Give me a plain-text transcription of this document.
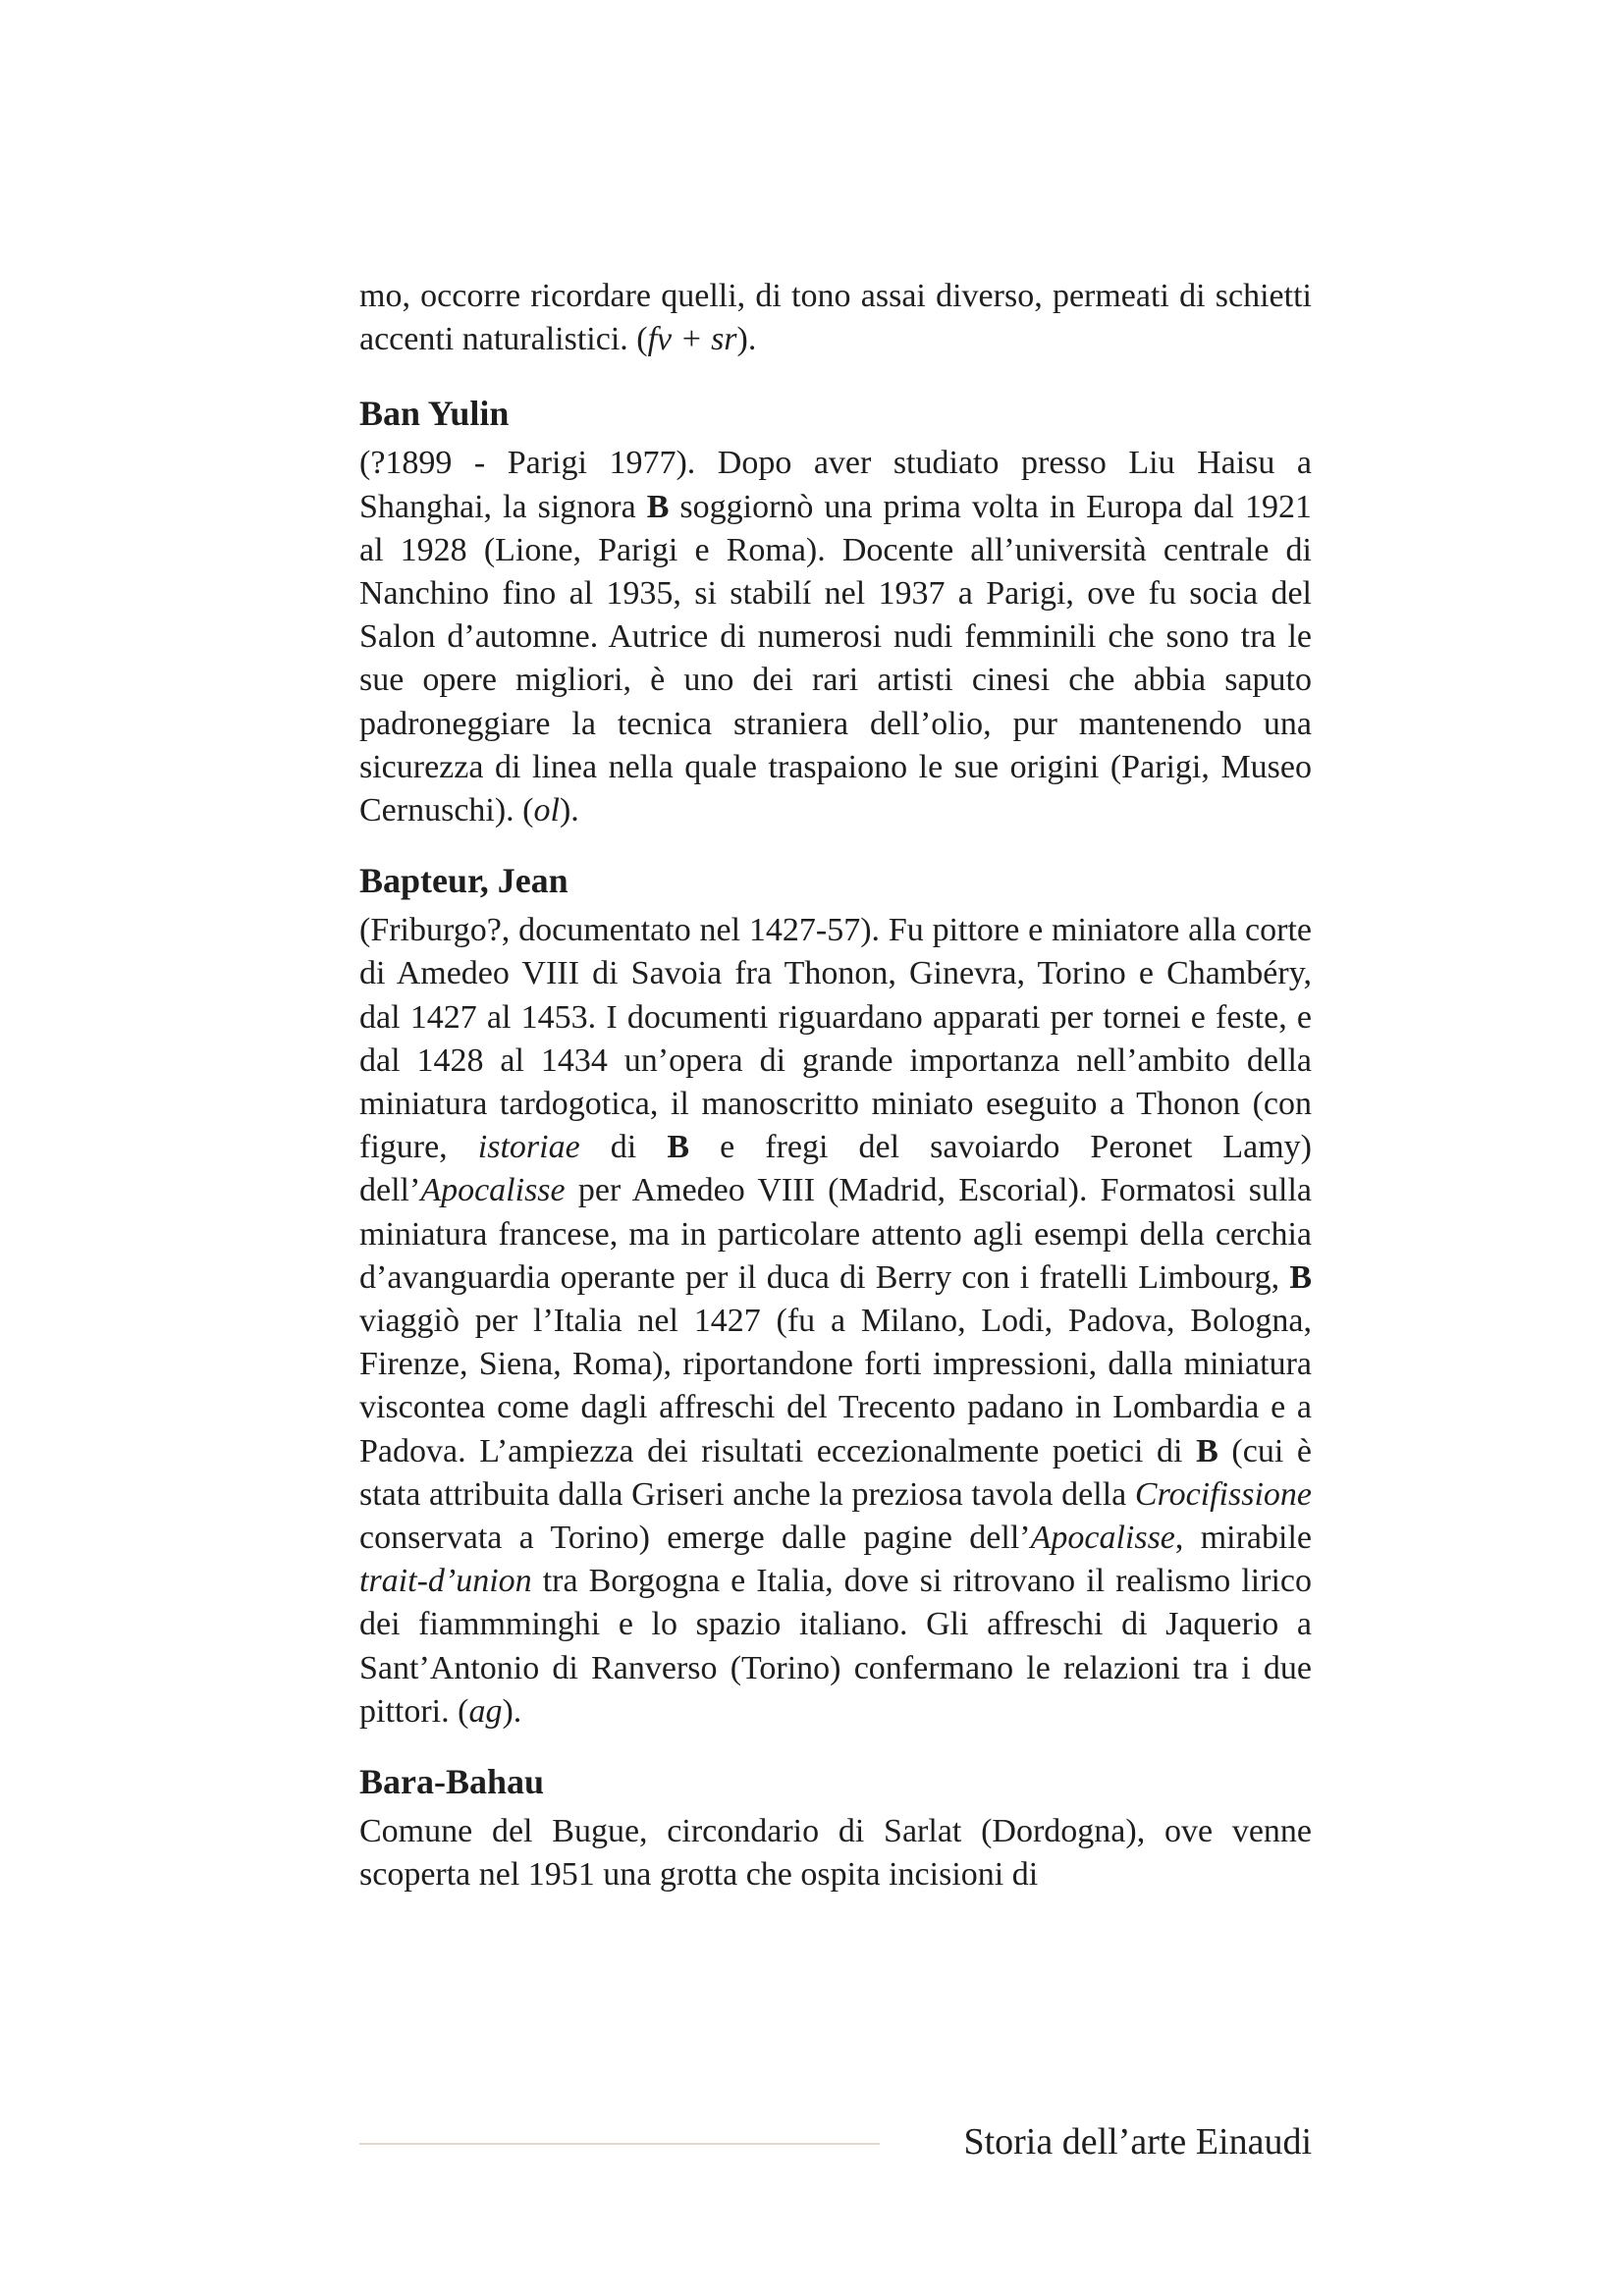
mo, occorre ricordare quelli, di tono assai diverso, permeati di schietti accenti naturalistici. (fv + sr).

Ban Yulin

(?1899 - Parigi 1977). Dopo aver studiato presso Liu Haisu a Shanghai, la signora B soggiornò una prima volta in Europa dal 1921 al 1928 (Lione, Parigi e Roma). Docente all’università centrale di Nanchino fino al 1935, si stabilí nel 1937 a Parigi, ove fu socia del Salon d’automne. Autrice di numerosi nudi femminili che sono tra le sue opere migliori, è uno dei rari artisti cinesi che abbia saputo padroneggiare la tecnica straniera dell’olio, pur mantenendo una sicurezza di linea nella quale traspaiono le sue origini (Parigi, Museo Cernuschi). (ol).

Bapteur, Jean

(Friburgo?, documentato nel 1427-57). Fu pittore e miniatore alla corte di Amedeo VIII di Savoia fra Thonon, Ginevra, Torino e Chambéry, dal 1427 al 1453. I documenti riguardano apparati per tornei e feste, e dal 1428 al 1434 un’opera di grande importanza nell’ambito della miniatura tardogotica, il manoscritto miniato eseguito a Thonon (con figure, istoriae di B e fregi del savoiardo Peronet Lamy) dell’Apocalisse per Amedeo VIII (Madrid, Escorial). Formatosi sulla miniatura francese, ma in particolare attento agli esempi della cerchia d’avanguardia operante per il duca di Berry con i fratelli Limbourg, B viaggiò per l’Italia nel 1427 (fu a Milano, Lodi, Padova, Bologna, Firenze, Siena, Roma), riportandone forti impressioni, dalla miniatura viscontea come dagli affreschi del Trecento padano in Lombardia e a Padova. L’ampiezza dei risultati eccezionalmente poetici di B (cui è stata attribuita dalla Griseri anche la preziosa tavola della Crocifissione conservata a Torino) emerge dalle pagine dell’Apocalisse, mirabile trait-d’union tra Borgogna e Italia, dove si ritrovano il realismo lirico dei fiammminghi e lo spazio italiano. Gli affreschi di Jaquerio a Sant’Antonio di Ranverso (Torino) confermano le relazioni tra i due pittori. (ag).

Bara-Bahau

Comune del Bugue, circondario di Sarlat (Dordogna), ove venne scoperta nel 1951 una grotta che ospita incisioni di

Storia dell’arte Einaudi
